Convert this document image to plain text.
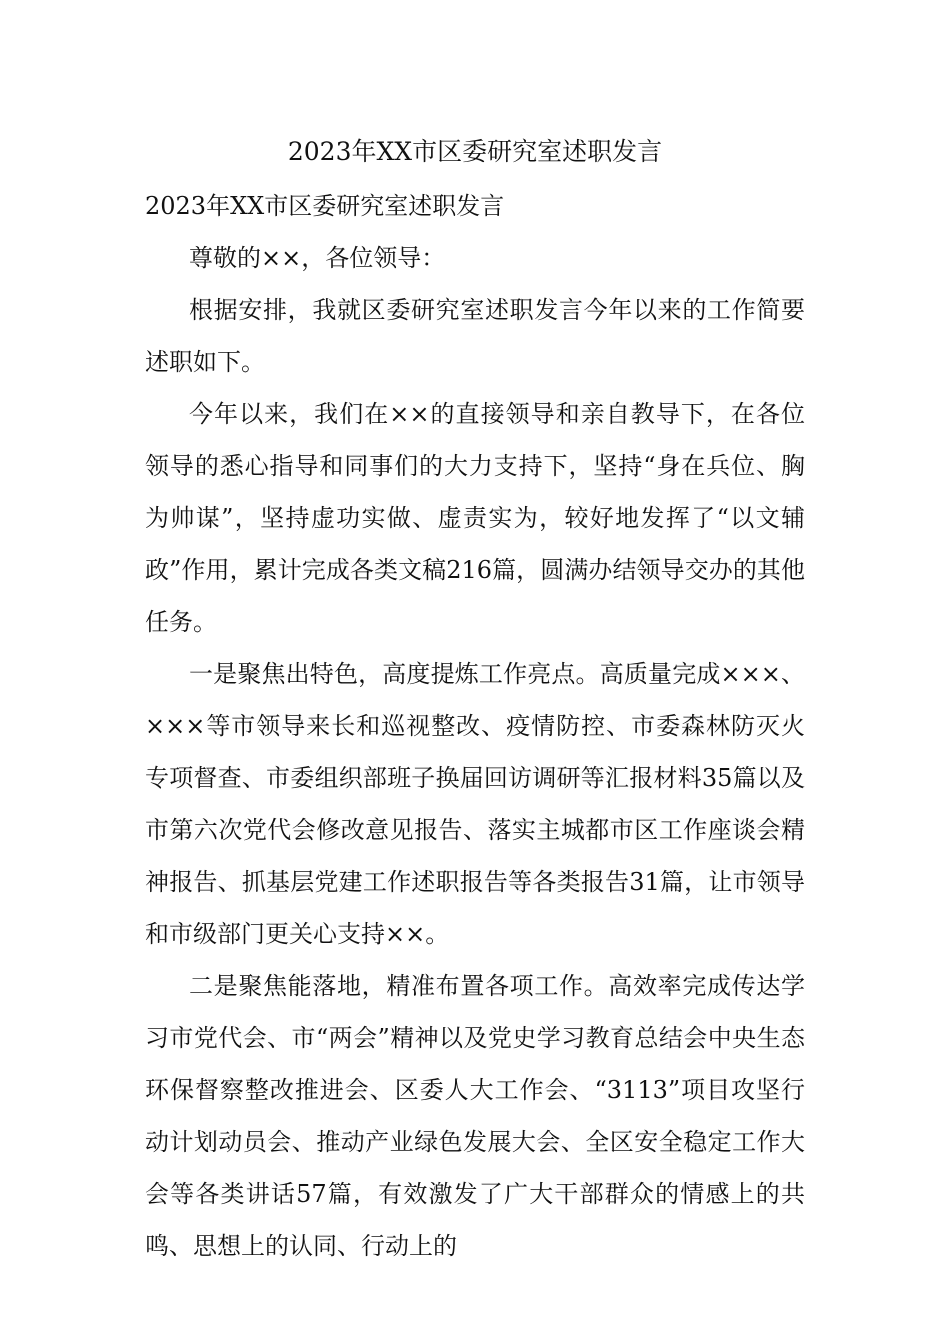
2023年XX市区委研究室述职发言

2023年XX市区委研究室述职发言

尊敬的××，各位领导：

根据安排，我就区委研究室述职发言今年以来的工作简要述职如下。

今年以来，我们在××的直接领导和亲自教导下，在各位领导的悉心指导和同事们的大力支持下，坚持“身在兵位、胸为帅谋”，坚持虚功实做、虚责实为，较好地发挥了“以文辅政”作用，累计完成各类文稿216篇，圆满办结领导交办的其他任务。

一是聚焦出特色，高度提炼工作亮点。高质量完成×××、×××等市领导来长和巡视整改、疫情防控、市委森林防灭火专项督查、市委组织部班子换届回访调研等汇报材料35篇以及市第六次党代会修改意见报告、落实主城都市区工作座谈会精神报告、抓基层党建工作述职报告等各类报告31篇，让市领导和市级部门更关心支持××。

二是聚焦能落地，精准布置各项工作。高效率完成传达学习市党代会、市“两会”精神以及党史学习教育总结会中央生态环保督察整改推进会、区委人大工作会、“3113”项目攻坚行动计划动员会、推动产业绿色发展大会、全区安全稳定工作大会等各类讲话57篇，有效激发了广大干部群众的情感上的共鸣、思想上的认同、行动上的
